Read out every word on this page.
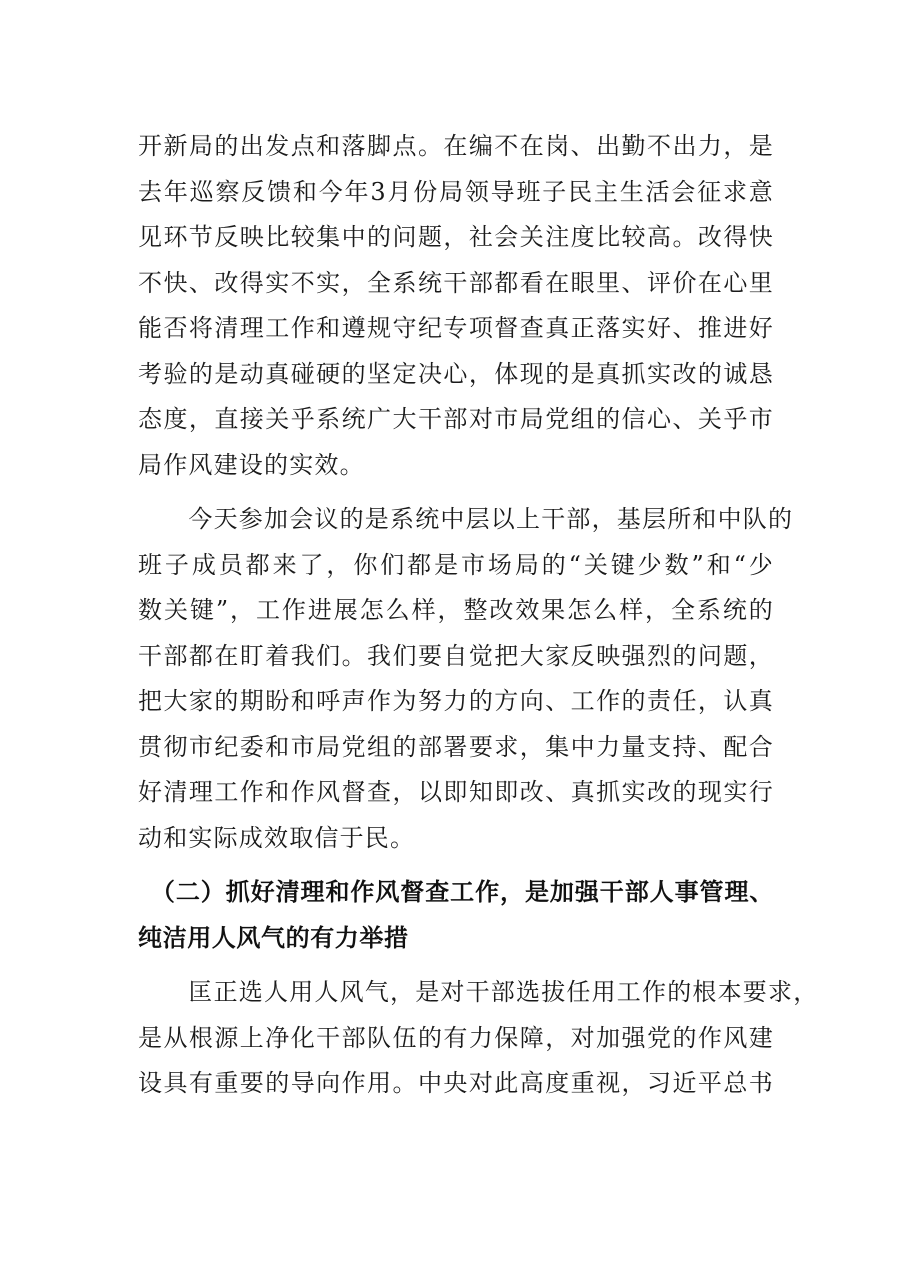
开新局的出发点和落脚点。在编不在岗、出勤不出力，是
去年巡察反馈和今年3月份局领导班子民主生活会征求意
见环节反映比较集中的问题，社会关注度比较高。改得快
不快、改得实不实，全系统干部都看在眼里、评价在心里
能否将清理工作和遵规守纪专项督查真正落实好、推进好
考验的是动真碰硬的坚定决心，体现的是真抓实改的诚恳
态度，直接关乎系统广大干部对市局党组的信心、关乎市
局作风建设的实效。
　　今天参加会议的是系统中层以上干部，基层所和中队的
班子成员都来了，你们都是市场局的“关键少数”和“少
数关键”，工作进展怎么样，整改效果怎么样，全系统的
干部都在盯着我们。我们要自觉把大家反映强烈的问题，
把大家的期盼和呼声作为努力的方向、工作的责任，认真
贯彻市纪委和市局党组的部署要求，集中力量支持、配合
好清理工作和作风督查，以即知即改、真抓实改的现实行
动和实际成效取信于民。
　（二）抓好清理和作风督查工作，是加强干部人事管理、
纯洁用人风气的有力举措
　　匡正选人用人风气，是对干部选拔任用工作的根本要求，
是从根源上净化干部队伍的有力保障，对加强党的作风建
设具有重要的导向作用。中央对此高度重视，习近平总书
